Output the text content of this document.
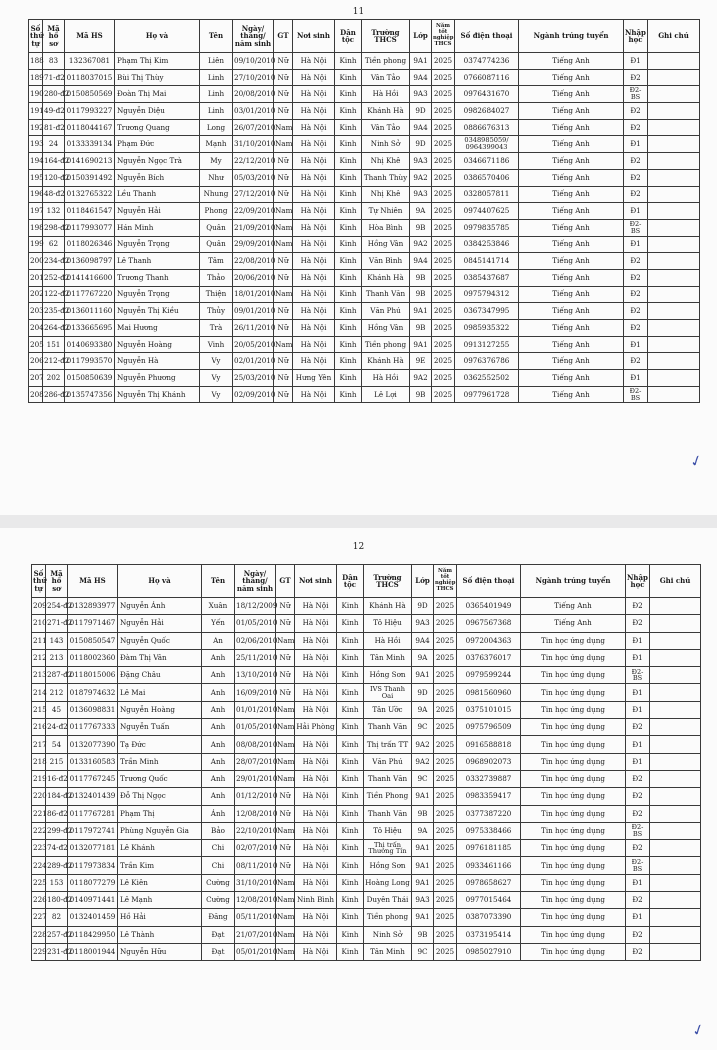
11
Số thứ tự	Mã hồ sơ	Mã HS	Họ và	Tên	Ngày/ tháng/ năm sinh	GT	Nơi sinh	Dân tộc	Trường THCS	Lớp	Năm tốt nghiệp THCS	Số điện thoại	Ngành trúng tuyển	Nhập học	Ghi chú
188	83	132367081	Phạm Thị Kim	Liên	09/10/2010	Nữ	Hà Nội	Kinh	Tiền phong	9A1	2025	0374774236	Tiếng Anh	Đ1	
189	71-đ2	0118037015	Bùi Thị Thùy	Linh	27/10/2010	Nữ	Hà Nội	Kinh	Vân Tảo	9A4	2025	0766087116	Tiếng Anh	Đ2	
190	280-đ2	0150850569	Đoàn Thị Mai	Linh	20/08/2010	Nữ	Hà Nội	Kinh	Hà Hồi	9A3	2025	0976431670	Tiếng Anh	Đ2-BS	
191	49-đ2	0117993227	Nguyễn Diệu	Linh	03/01/2010	Nữ	Hà Nội	Kinh	Khánh Hà	9D	2025	0982684027	Tiếng Anh	Đ2	
192	81-đ2	0118044167	Trương Quang	Long	26/07/2010	Nam	Hà Nội	Kinh	Vân Tảo	9A4	2025	0886676313	Tiếng Anh	Đ2	
193	24	0133339134	Phạm Đức	Mạnh	31/10/2010	Nam	Hà Nội	Kinh	Ninh Sở	9D	2025	0348985059/ 0964399043	Tiếng Anh	Đ1	
194	164-đ2	0141690213	Nguyễn Ngọc Trà	My	22/12/2010	Nữ	Hà Nội	Kinh	Nhị Khê	9A3	2025	0346671186	Tiếng Anh	Đ2	
195	120-đ2	0150391492	Nguyễn Bích	Như	05/03/2010	Nữ	Hà Nội	Kinh	Thanh Thùy	9A2	2025	0386570406	Tiếng Anh	Đ2	
196	48-đ2	0132765322	Lều Thanh	Nhung	27/12/2010	Nữ	Hà Nội	Kinh	Nhị Khê	9A3	2025	0328057811	Tiếng Anh	Đ2	
197	132	0118461547	Nguyễn Hải	Phong	22/09/2010	Nam	Hà Nội	Kinh	Tự Nhiên	9A	2025	0974407625	Tiếng Anh	Đ1	
198	298-đ2	0117993077	Hán Minh	Quân	21/09/2010	Nam	Hà Nội	Kinh	Hòa Bình	9B	2025	0979835785	Tiếng Anh	Đ2-BS	
199	62	0118026346	Nguyễn Trọng	Quân	29/09/2010	Nam	Hà Nội	Kinh	Hồng Vân	9A2	2025	0384253846	Tiếng Anh	Đ1	
200	234-đ2	0136098797	Lê Thanh	Tâm	22/08/2010	Nữ	Hà Nội	Kinh	Văn Bình	9A4	2025	0845141714	Tiếng Anh	Đ2	
201	252-đ2	0141416600	Trương Thanh	Thảo	20/06/2010	Nữ	Hà Nội	Kinh	Khánh Hà	9B	2025	0385437687	Tiếng Anh	Đ2	
202	122-đ2	0117767220	Nguyễn Trọng	Thiện	18/01/2010	Nam	Hà Nội	Kinh	Thanh Văn	9B	2025	0975794312	Tiếng Anh	Đ2	
203	235-đ2	0136011160	Nguyễn Thị Kiều	Thủy	09/01/2010	Nữ	Hà Nội	Kinh	Văn Phú	9A1	2025	0367347995	Tiếng Anh	Đ2	
204	264-đ2	0133665695	Mai Hương	Trà	26/11/2010	Nữ	Hà Nội	Kinh	Hồng Vân	9B	2025	0985935322	Tiếng Anh	Đ2	
205	151	0140693380	Nguyễn Hoàng	Vinh	20/05/2010	Nam	Hà Nội	Kinh	Tiền phong	9A1	2025	0913127255	Tiếng Anh	Đ1	
206	212-đ2	0117993570	Nguyễn Hà	Vy	02/01/2010	Nữ	Hà Nội	Kinh	Khánh Hà	9E	2025	0976376786	Tiếng Anh	Đ2	
207	202	0150850639	Nguyễn Phương	Vy	25/03/2010	Nữ	Hưng Yên	Kinh	Hà Hồi	9A2	2025	0362552502	Tiếng Anh	Đ1	
208	286-đ2	0135747356	Nguyễn Thị Khánh	Vy	02/09/2010	Nữ	Hà Nội	Kinh	Lê Lợi	9B	2025	0977961728	Tiếng Anh	Đ2-BS	
✓
12
Số thứ tự	Mã hồ sơ	Mã HS	Họ và	Tên	Ngày/ tháng/ năm sinh	GT	Nơi sinh	Dân tộc	Trường THCS	Lớp	Năm tốt nghiệp THCS	Số điện thoại	Ngành trúng tuyển	Nhập học	Ghi chú
209	254-đ2	0132893977	Nguyễn Ánh	Xuân	18/12/2009	Nữ	Hà Nội	Kinh	Khánh Hà	9D	2025	0365401949	Tiếng Anh	Đ2	
210	271-đ2	0117971467	Nguyễn Hải	Yến	01/05/2010	Nữ	Hà Nội	Kinh	Tô Hiệu	9A3	2025	0967567368	Tiếng Anh	Đ2	
211	143	0150850547	Nguyễn Quốc	An	02/06/2010	Nam	Hà Nội	Kinh	Hà Hồi	9A4	2025	0972004363	Tin học ứng dụng	Đ1	
212	213	0118002360	Đàm Thị Vân	Anh	25/11/2010	Nữ	Hà Nội	Kinh	Tân Minh	9A	2025	0376376017	Tin học ứng dụng	Đ1	
213	287-đ2	0118015006	Đặng Châu	Anh	13/10/2010	Nữ	Hà Nội	Kinh	Hồng Sơn	9A1	2025	0979599244	Tin học ứng dụng	Đ2-BS	
214	212	0187974632	Lê Mai	Anh	16/09/2010	Nữ	Hà Nội	Kinh	IVS Thanh Oai	9D	2025	0981560960	Tin học ứng dụng	Đ1	
215	45	0136098831	Nguyễn Hoàng	Anh	01/01/2010	Nam	Hà Nội	Kinh	Tân Ước	9A	2025	0375101015	Tin học ứng dụng	Đ1	
216	24-đ2	0117767333	Nguyễn Tuấn	Anh	01/05/2010	Nam	Hải Phòng	Kinh	Thanh Văn	9C	2025	0975796509	Tin học ứng dụng	Đ2	
217	54	0132077390	Tạ Đức	Anh	08/08/2010	Nam	Hà Nội	Kinh	Thị trấn TT	9A2	2025	0916588818	Tin học ứng dụng	Đ1	
218	215	0133160583	Trần Minh	Anh	28/07/2010	Nam	Hà Nội	Kinh	Văn Phú	9A2	2025	0968902073	Tin học ứng dụng	Đ1	
219	16-đ2	0117767245	Trương Quốc	Anh	29/01/2010	Nam	Hà Nội	Kinh	Thanh Văn	9C	2025	0332739887	Tin học ứng dụng	Đ2	
220	184-đ2	0132401439	Đỗ Thị Ngọc	Anh	01/12/2010	Nữ	Hà Nội	Kinh	Tiền Phong	9A1	2025	0983359417	Tin học ứng dụng	Đ2	
221	86-đ2	0117767281	Phạm Thị	Ánh	12/08/2010	Nữ	Hà Nội	Kinh	Thanh Văn	9B	2025	0377387220	Tin học ứng dụng	Đ2	
222	299-đ2	0117972741	Phùng Nguyễn Gia	Bảo	22/10/2010	Nam	Hà Nội	Kinh	Tô Hiệu	9A	2025	0975338466	Tin học ứng dụng	Đ2-BS	
223	74-đ2	0132077181	Lê Khánh	Chi	02/07/2010	Nữ	Hà Nội	Kinh	Thị trấn Thường Tín	9A1	2025	0976181185	Tin học ứng dụng	Đ2	
224	289-đ2	0117973834	Trần Kim	Chi	08/11/2010	Nữ	Hà Nội	Kinh	Hồng Sơn	9A1	2025	0933461166	Tin học ứng dụng	Đ2-BS	
225	153	0118077279	Lê Kiên	Cường	31/10/2010	Nam	Hà Nội	Kinh	Hoàng Long	9A1	2025	0978658627	Tin học ứng dụng	Đ1	
226	180-đ2	0140971441	Lê Mạnh	Cường	12/08/2010	Nam	Ninh Bình	Kinh	Duyên Thái	9A3	2025	0977015464	Tin học ứng dụng	Đ2	
227	82	0132401459	Hồ Hải	Đăng	05/11/2010	Nam	Hà Nội	Kinh	Tiền phong	9A1	2025	0387073390	Tin học ứng dụng	Đ1	
228	257-đ2	0118429950	Lê Thành	Đạt	21/07/2010	Nam	Hà Nội	Kinh	Ninh Sở	9B	2025	0373195414	Tin học ứng dụng	Đ2	
229	231-đ2	0118001944	Nguyễn Hữu	Đạt	05/01/2010	Nam	Hà Nội	Kinh	Tân Minh	9C	2025	0985027910	Tin học ứng dụng	Đ2	
✓
